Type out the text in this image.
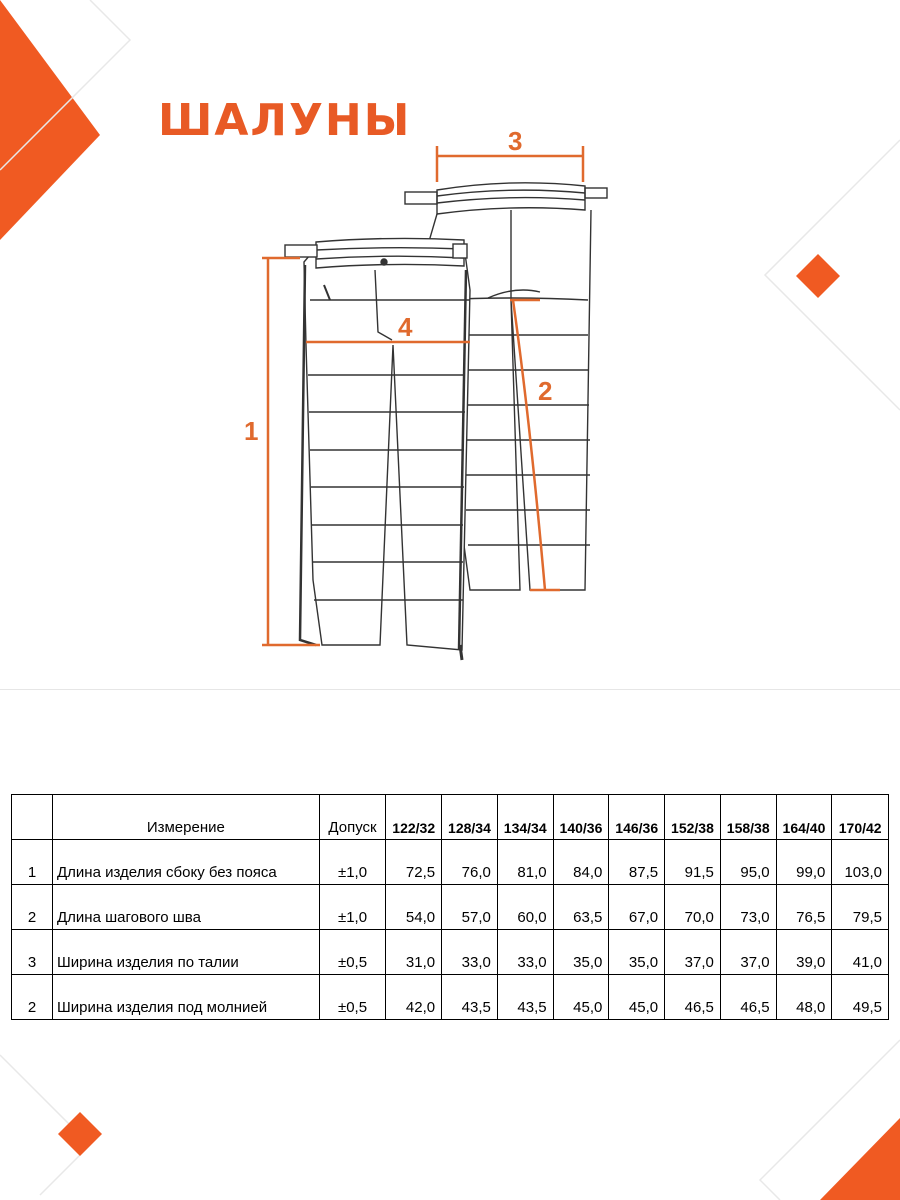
ШАЛУНЫ
1
2
3
4
	Измерение	Допуск	122/32	128/34	134/34	140/36	146/36	152/38	158/38	164/40	170/42
1	Длина изделия сбоку без пояса	±1,0	72,5	76,0	81,0	84,0	87,5	91,5	95,0	99,0	103,0
2	Длина шагового шва	±1,0	54,0	57,0	60,0	63,5	67,0	70,0	73,0	76,5	79,5
3	Ширина изделия по талии	±0,5	31,0	33,0	33,0	35,0	35,0	37,0	37,0	39,0	41,0
2	Ширина изделия под молнией	±0,5	42,0	43,5	43,5	45,0	45,0	46,5	46,5	48,0	49,5
